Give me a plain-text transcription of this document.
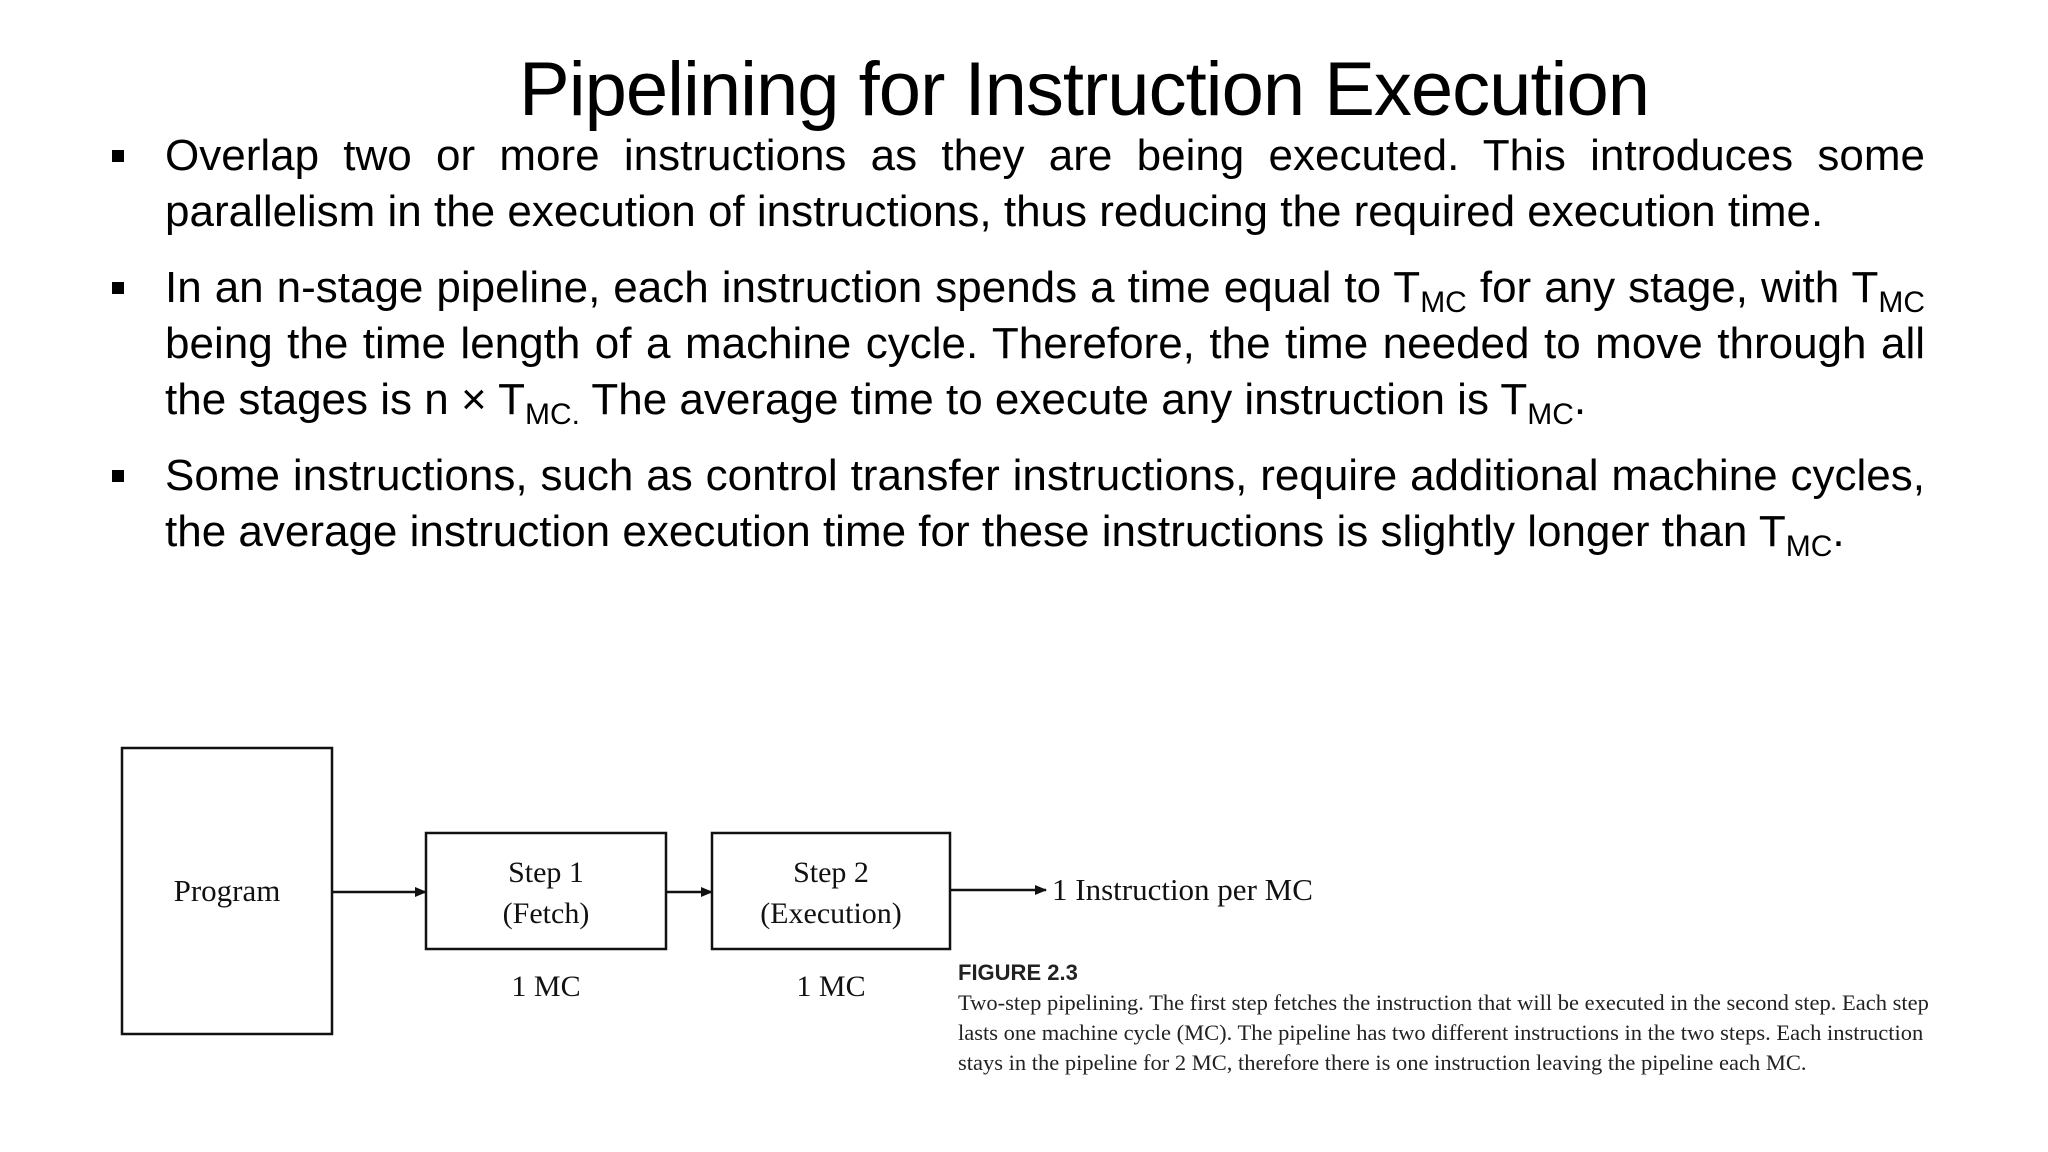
Pipelining for Instruction Execution
Overlap two or more instructions as they are being executed. This introduces some parallelism in the execution of instructions, thus reducing the required execution time.
In an n-stage pipeline, each instruction spends a time equal to $T_{MC}$ for any stage, with $T_{MC}$ being the time length of a machine cycle. Therefore, the time needed to move through all the stages is $n \times T_{MC.}$ The average time to execute any instruction is $T_{MC}$.
Some instructions, such as control transfer instructions, require additional machine cycles, the average instruction execution time for these instructions is slightly longer than $T_{MC}$.
Program
Step 1
(Fetch)
1 MC
Step 2
(Execution)
1 MC
1 Instruction per MC
FIGURE 2.3
Two-step pipelining. The first step fetches the instruction that will be executed in the second step. Each step lasts one machine cycle (MC). The pipeline has two different instructions in the two steps. Each instruction stays in the pipeline for 2 MC, therefore there is one instruction leaving the pipeline each MC.
